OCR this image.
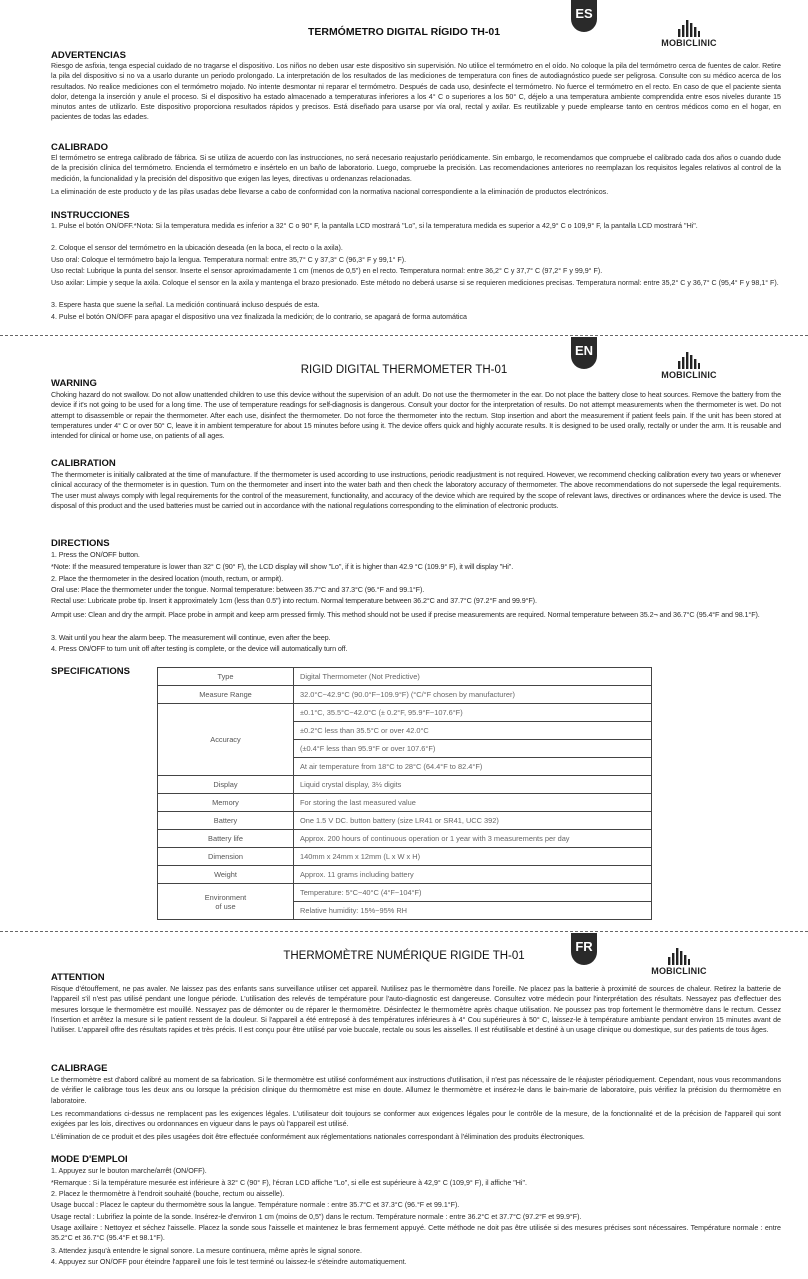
ES
MOBICLINIC
TERMÓMETRO DIGITAL RÍGIDO TH-01
ADVERTENCIAS
Riesgo de asfixia, tenga especial cuidado de no tragarse el dispositivo. Los niños no deben usar este dispositivo sin supervisión. No utilice el termómetro en el oído. No coloque la pila del termómetro cerca de fuentes de calor. Retire la pila del dispositivo si no va a usarlo durante un periodo prolongado. La interpretación de los resultados de las mediciones de temperatura con fines de autodiagnóstico puede ser peligrosa. Consulte con su médico acerca de los resultados. No realice mediciones con el termómetro mojado. No intente desmontar ni reparar el termómetro. Después de cada uso, desinfecte el termómetro. No fuerce el termómetro en el recto. En caso de que el paciente sienta dolor, detenga la inserción y anule el proceso. Si el dispositivo ha estado almacenado a temperaturas inferiores a los 4° C o superiores a los 50° C, déjelo a una temperatura ambiente comprendida entre esos niveles durante 15 minutos antes de utilizarlo. Este dispositivo proporciona resultados rápidos y precisos. Está diseñado para usarse por vía oral, rectal y axilar. Es reutilizable y puede emplearse tanto en centros médicos como en el hogar, en pacientes de todas las edades.
CALIBRADO
El termómetro se entrega calibrado de fábrica. Si se utiliza de acuerdo con las instrucciones, no será necesario reajustarlo periódicamente. Sin embargo, le recomendamos que compruebe el calibrado cada dos años o cuando dude de la precisión clínica del termómetro. Encienda el termómetro e insértelo en un baño de laboratorio. Luego, compruebe la precisión. Las recomendaciones anteriores no reemplazan los requisitos legales relativos al control de la medición, la funcionalidad y la precisión del dispositivo que exigen las leyes, directivas u ordenanzas relacionadas.
La eliminación de este producto y de las pilas usadas debe llevarse a cabo de conformidad con la normativa nacional correspondiente a la eliminación de productos electrónicos.
INSTRUCCIONES
1. Pulse el botón ON/OFF.*Nota: Si la temperatura medida es inferior a 32° C o 90° F, la pantalla LCD mostrará "Lo", si la temperatura medida es superior a 42,9° C o 109,9° F, la pantalla LCD mostrará "Hi".
2. Coloque el sensor del termómetro en la ubicación deseada (en la boca, el recto o la axila).
Uso oral: Coloque el termómetro bajo la lengua. Temperatura normal: entre 35,7° C y 37,3° C (96,3° F y 99,1° F).
Uso rectal: Lubrique la punta del sensor. Inserte el sensor aproximadamente 1 cm (menos de 0,5") en el recto. Temperatura normal: entre 36,2° C y 37,7° C (97,2° F y 99,9° F).
Uso axilar: Limpie y seque la axila. Coloque el sensor en la axila y mantenga el brazo presionado. Este método no deberá usarse si se requieren mediciones precisas. Temperatura normal: entre 35,2° C y 36,7° C (95,4° F y 98,1° F).
3. Espere hasta que suene la señal. La medición continuará incluso después de esta.
4. Pulse el botón ON/OFF para apagar el dispositivo una vez finalizada la medición; de lo contrario, se apagará de forma automática
EN
MOBICLINIC
RIGID DIGITAL THERMOMETER TH-01
WARNING
Choking hazard do not swallow. Do not allow unattended children to use this device without the supervision of an adult. Do not use the thermometer in the ear. Do not place the battery close to heat sources. Remove the battery from the device if it's not going to be used for a long time. The use of temperature readings for self-diagnosis is dangerous. Consult your doctor for the interpretation of results. Do not attempt measurements when the thermometer is wet. Do not attempt to disassemble or repair the thermometer. After each use, disinfect the thermometer. Do not force the thermometer into the rectum. Stop insertion and abort the measurement if patient feels pain. If the unit has been stored at temperatures under 4° C or over 50° C, leave it in ambient temperature for about 15 minutes before using it. The device offers quick and highly accurate results. It is designed to be used orally, rectally or under the arm. It is reusable and intended for clinical or home use, on patients of all ages.
CALIBRATION
The thermometer is initially calibrated at the time of manufacture. If the thermometer is used according to use instructions, periodic readjustment is not required. However, we recommend checking calibration every two years or whenever clinical accuracy of the thermometer is in question. Turn on the thermometer and insert into the water bath and then check the laboratory accuracy of thermometer. The above recommendations do not supersede the legal requirements. The user must always comply with legal requirements for the control of the measurement, functionality, and accuracy of the device which are required by the scope of relevant laws, directives or ordinances where the device is used. The disposal of this product and the used batteries must be carried out in accordance with the national regulations corresponding to the elimination of electronic products.
DIRECTIONS
1. Press the ON/OFF button.
*Note: If the measured temperature is lower than 32° C (90° F), the LCD display will show "Lo", if it is higher than 42.9 °C (109.9° F), it will display "Hi".
2. Place the thermometer in the desired location (mouth, rectum, or armpit).
Oral use: Place the thermometer under the tongue. Normal temperature: between 35.7°C and 37.3°C (96.°F and 99.1°F).
Rectal use: Lubricate probe tip. Insert it approximately 1cm (less than 0.5") into rectum. Normal temperature between 36.2°C and 37.7°C (97.2°F and 99.9°F).
Armpit use: Clean and dry the armpit. Place probe in armpit and keep arm pressed firmly. This method should not be used if precise measurements are required. Normal temperature between 35.2¬ and 36.7°C (95.4°F and 98.1°F).
3. Wait until you hear the alarm beep. The measurement will continue, even after the beep.
4. Press ON/OFF to turn unit off after testing is complete, or the device will automatically turn off.
SPECIFICATIONS	Type	Digital Thermometer (Not Predictive)
Measure Range	32.0°C~42.9°C (90.0°F~109.9°F) (°C/°F chosen by manufacturer)
Accuracy	±0.1°C, 35.5°C~42.0°C (± 0.2°F, 95.9°F~107.6°F)
	±0.2°C less than 35.5°C or over 42.0°C
	(±0.4°F less than 95.9°F or over 107.6°F)
	At air temperature from 18°C to 28°C (64.4°F to 82.4°F)
Display	Liquid crystal display, 3½ digits
Memory	For storing the last measured value
Battery	One 1.5 V DC. button battery (size LR41 or SR41, UCC 392)
Battery life	Approx. 200 hours of continuous operation or 1 year with 3 measurements per day
Dimension	140mm x 24mm x 12mm (L x W x H)
Weight	Approx. 11 grams including battery
Environment
of use	Temperature: 5°C~40°C (4°F~104°F)
	Relative humidity: 15%~95% RH
FR
MOBICLINIC
THERMOMÈTRE NUMÉRIQUE RIGIDE TH-01
ATTENTION
Risque d'étouffement, ne pas avaler. Ne laissez pas des enfants sans surveillance utiliser cet appareil. Nutilisez pas le thermomètre dans l'oreille. Ne placez pas la batterie à proximité de sources de chaleur. Retirez la batterie de l'appareil s'il n'est pas utilisé pendant une longue période. L'utilisation des relevés de température pour l'auto-diagnostic est dangereuse. Consultez votre médecin pour l'interprétation des résultats. Nessayez pas d'effectuer des mesures lorsque le thermomètre est mouillé. Nessayez pas de démonter ou de réparer le thermomètre. Désinfectez le thermomètre après chaque utilisation. Ne poussez pas trop fortement le thermomètre dans le rectum. Cessez l'insertion et arrêtez la mesure si le patient ressent de la douleur. Si l'appareil a été entreposé à des températures inférieures à 4° Cou supérieures à 50° C, laissez-le à température ambiante pendant environ 15 minutes avant de l'utiliser. L'appareil offre des résultats rapides et très précis. Il est conçu pour être utilisé par voie buccale, rectale ou sous les aisselles. Il est réutilisable et destiné à un usage clinique ou domestique, sur des patients de tous âges.
CALIBRAGE
Le thermomètre est d'abord calibré au moment de sa fabrication. Si le thermomètre est utilisé conformément aux instructions d'utilisation, il n'est pas nécessaire de le réajuster périodiquement. Cependant, nous vous recommandons de vérifier le calibrage tous les deux ans ou lorsque la précision clinique du thermomètre est mise en doute. Allumez le thermomètre et insérez-le dans le bain-marie de laboratoire, puis vérifiez la précision du thermomètre en laboratoire.
Les recommandations ci-dessus ne remplacent pas les exigences légales. L'utilisateur doit toujours se conformer aux exigences légales pour le contrôle de la mesure, de la fonctionnalité et de la précision de l'appareil qui sont exigées par les lois, directives ou ordonnances en vigueur dans le pays où l'appareil est utilisé.
L'élimination de ce produit et des piles usagées doit être effectuée conformément aux réglementations nationales correspondant à l'élimination des produits électroniques.
MODE D'EMPLOI
1. Appuyez sur le bouton marche/arrêt (ON/OFF).
*Remarque : Si la température mesurée est inférieure à 32° C (90° F), l'écran LCD affiche "Lo", si elle est supérieure à 42,9° C (109,9° F), il affiche "Hi".
2. Placez le thermomètre à l'endroit souhaité (bouche, rectum ou aisselle).
Usage buccal : Placez le capteur du thermomètre sous la langue. Température normale : entre 35.7°C et 37.3°C (96.°F et 99.1°F).
Usage rectal : Lubrifiez la pointe de la sonde. Insérez-le d'environ 1 cm (moins de 0,5") dans le rectum. Température normale : entre 36.2°C et 37.7°C (97.2°F et 99.9°F).
Usage axillaire : Nettoyez et séchez l'aisselle. Placez la sonde sous l'aisselle et maintenez le bras fermement appuyé. Cette méthode ne doit pas être utilisée si des mesures précises sont nécessaires. Température normale : entre 35.2°C et 36.7°C (95.4°F et 98.1°F).
3. Attendez jusqu'à entendre le signal sonore. La mesure continuera, même après le signal sonore.
4. Appuyez sur ON/OFF pour éteindre l'appareil une fois le test terminé ou laissez-le s'éteindre automatiquement.
